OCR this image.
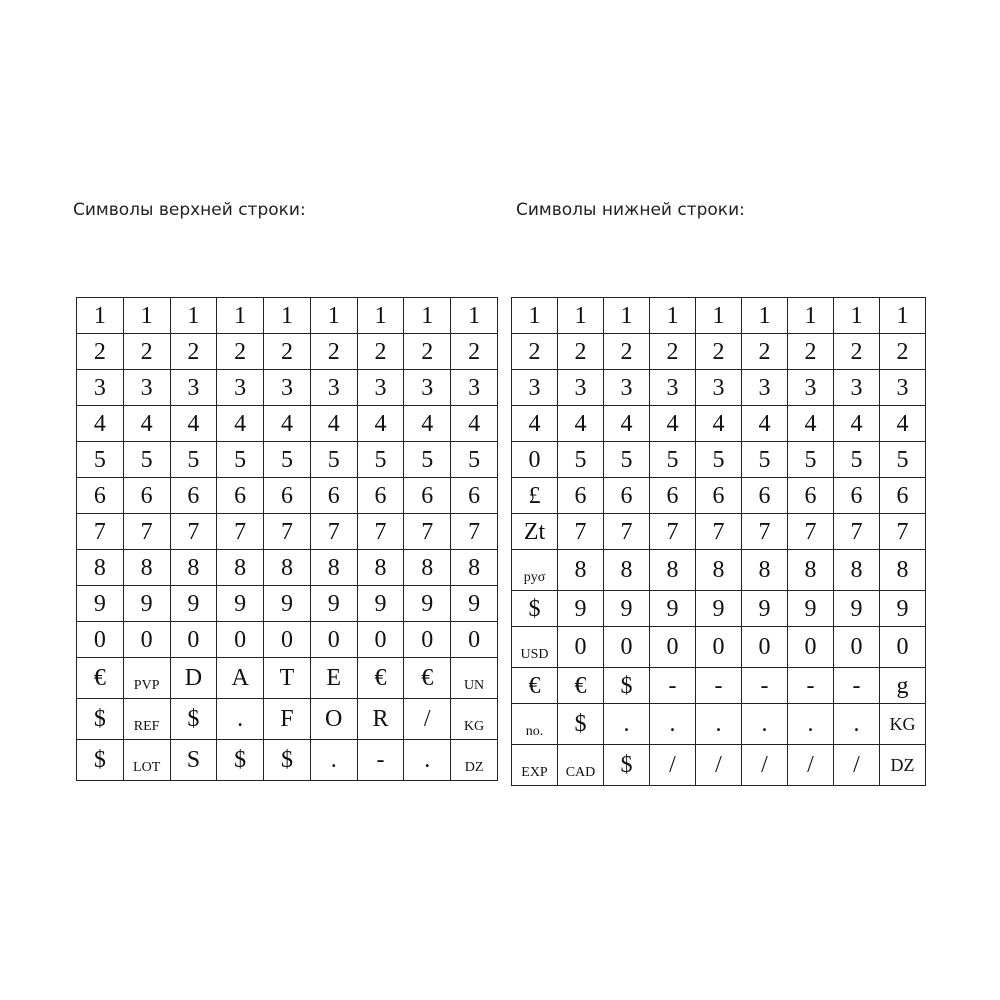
Символы верхней строки:	Символы нижней строки:
1	1	1	1	1	1	1	1	1
2	2	2	2	2	2	2	2	2
3	3	3	3	3	3	3	3	3
4	4	4	4	4	4	4	4	4
5	5	5	5	5	5	5	5	5
6	6	6	6	6	6	6	6	6
7	7	7	7	7	7	7	7	7
8	8	8	8	8	8	8	8	8
9	9	9	9	9	9	9	9	9
0	0	0	0	0	0	0	0	0
€	PVP	D	A	T	E	€	€	UN
$	REF	$	.	F	O	R	/	KG
$	LOT	S	$	$	.	-	.	DZ
1	1	1	1	1	1	1	1	1
2	2	2	2	2	2	2	2	2
3	3	3	3	3	3	3	3	3
4	4	4	4	4	4	4	4	4
0	5	5	5	5	5	5	5	5
£	6	6	6	6	6	6	6	6
Zt	7	7	7	7	7	7	7	7
pyσ	8	8	8	8	8	8	8	8
$	9	9	9	9	9	9	9	9
USD	0	0	0	0	0	0	0	0
€	€	$	-	-	-	-	-	g
no.	$	.	.	.	.	.	.	KG
EXP	CAD	$	/	/	/	/	/	DZ
